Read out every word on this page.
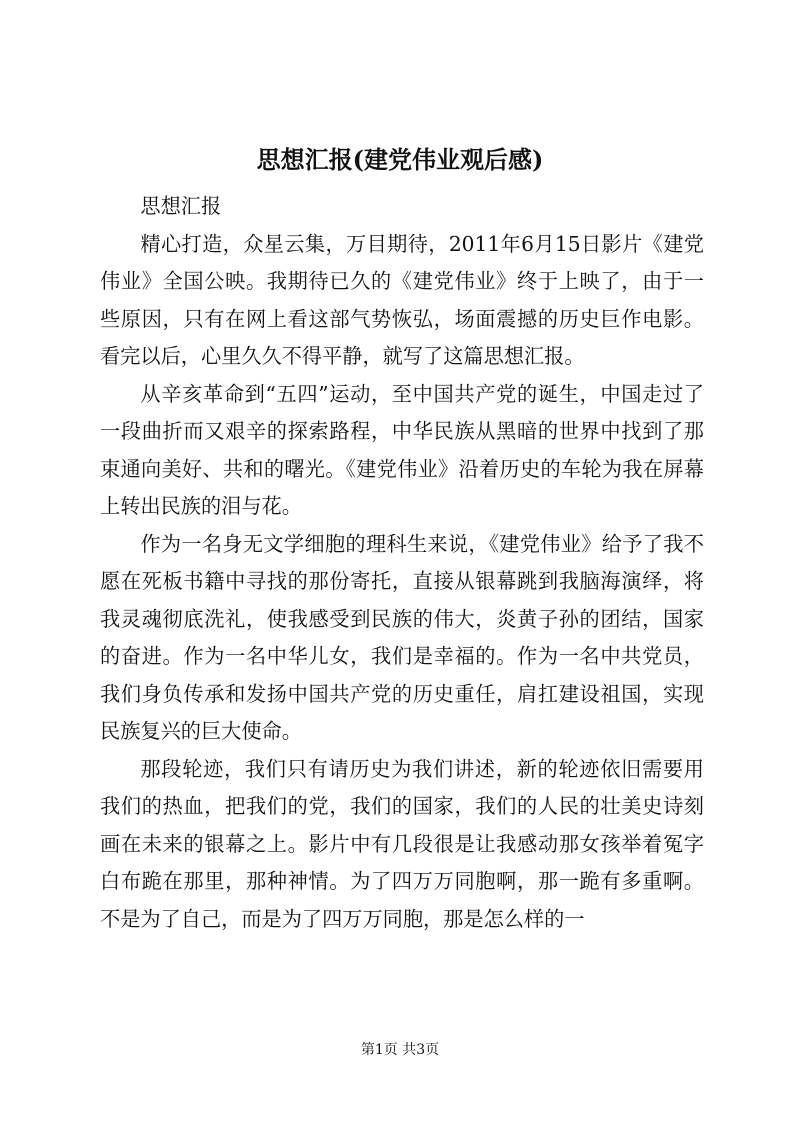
思想汇报(建党伟业观后感)

思想汇报

精心打造，众星云集，万目期待，2011年6月15日影片《建党伟业》全国公映。我期待已久的《建党伟业》终于上映了，由于一些原因，只有在网上看这部气势恢弘，场面震撼的历史巨作电影。看完以后，心里久久不得平静，就写了这篇思想汇报。

从辛亥革命到“五四”运动，至中国共产党的诞生，中国走过了一段曲折而又艰辛的探索路程，中华民族从黑暗的世界中找到了那束通向美好、共和的曙光。《建党伟业》沿着历史的车轮为我在屏幕上转出民族的泪与花。

作为一名身无文学细胞的理科生来说，《建党伟业》给予了我不愿在死板书籍中寻找的那份寄托，直接从银幕跳到我脑海演绎，将我灵魂彻底洗礼，使我感受到民族的伟大，炎黄子孙的团结，国家的奋进。作为一名中华儿女，我们是幸福的。作为一名中共党员，我们身负传承和发扬中国共产党的历史重任，肩扛建设祖国，实现民族复兴的巨大使命。

那段轮迹，我们只有请历史为我们讲述，新的轮迹依旧需要用我们的热血，把我们的党，我们的国家，我们的人民的壮美史诗刻画在未来的银幕之上。影片中有几段很是让我感动那女孩举着冤字白布跪在那里，那种神情。为了四万万同胞啊，那一跪有多重啊。不是为了自己，而是为了四万万同胞，那是怎么样的一

第1页 共3页
